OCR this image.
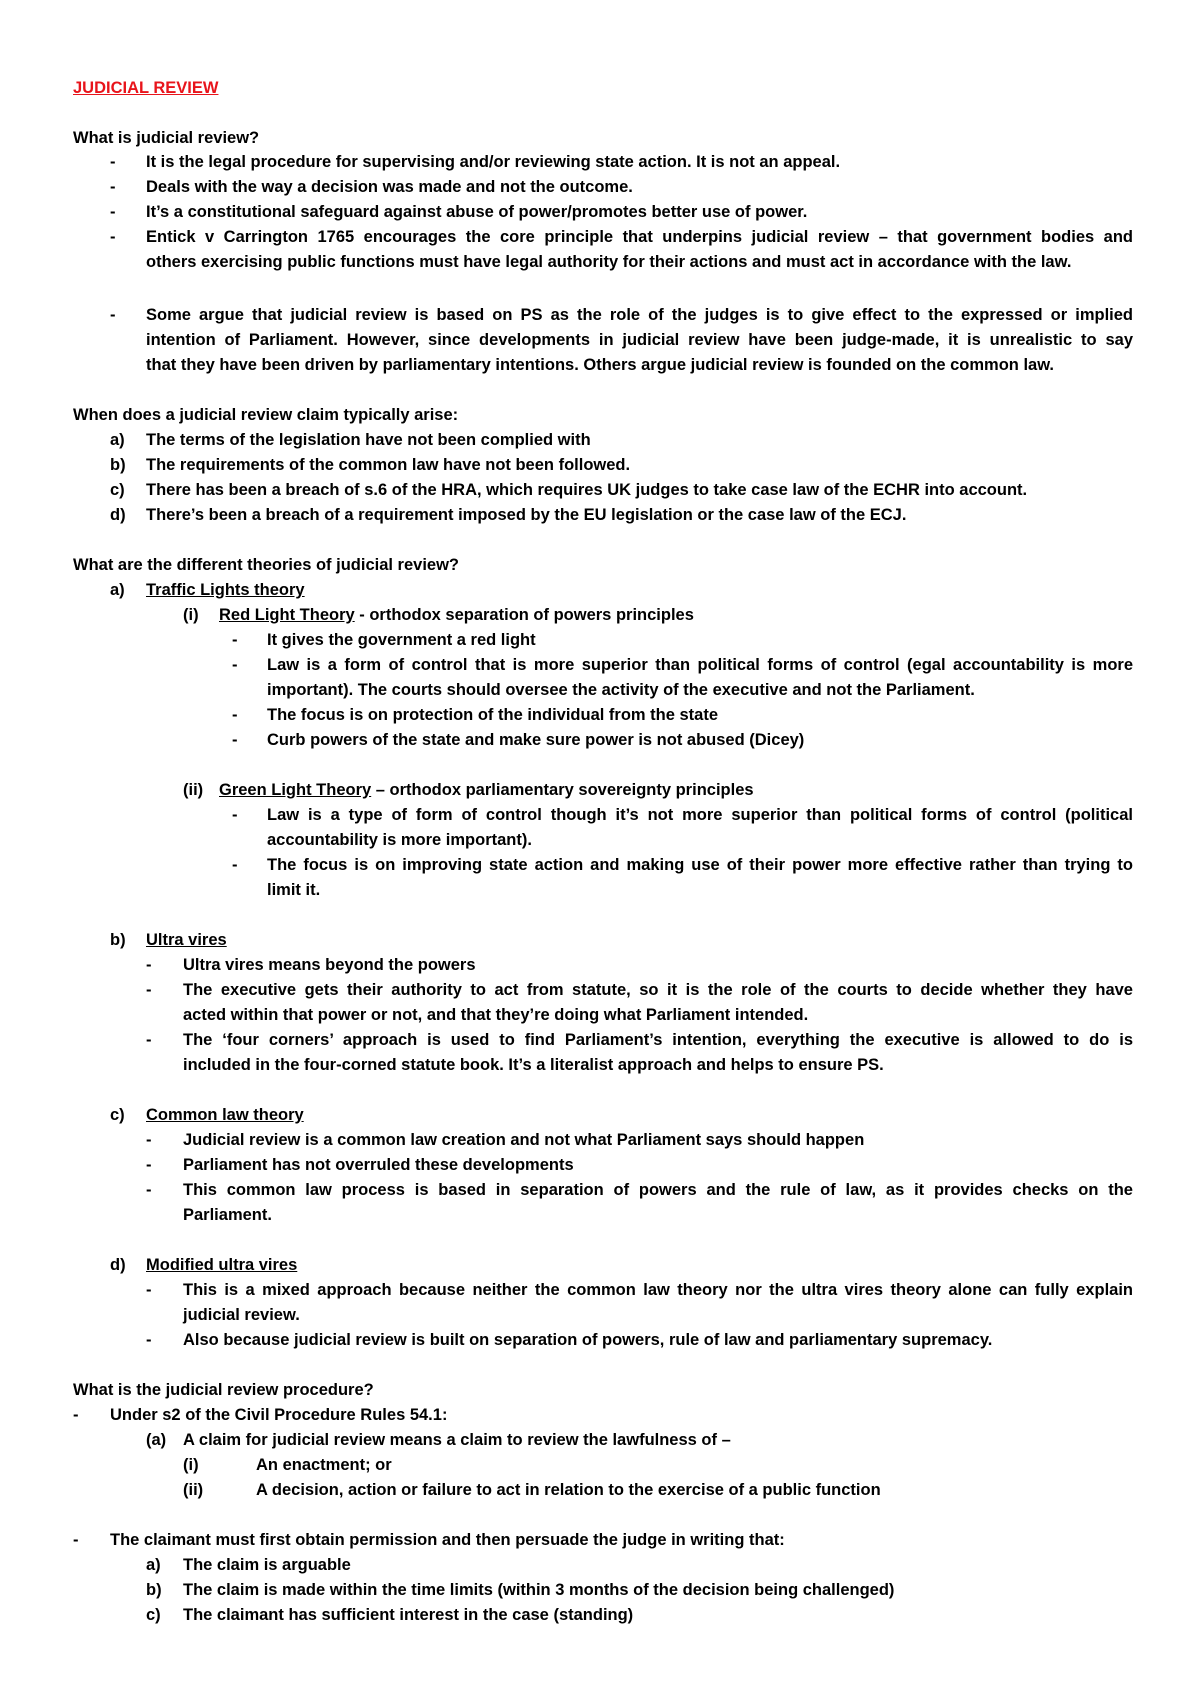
JUDICIAL REVIEW
What is judicial review?
- It is the legal procedure for supervising and/or reviewing state action. It is not an appeal.
- Deals with the way a decision was made and not the outcome.
- It’s a constitutional safeguard against abuse of power/promotes better use of power.
- Entick v Carrington 1765 encourages the core principle that underpins judicial review – that government bodies and
others exercising public functions must have legal authority for their actions and must act in accordance with the law.
- Some argue that judicial review is based on PS as the role of the judges is to give effect to the expressed or implied
intention of Parliament. However, since developments in judicial review have been judge-made, it is unrealistic to say
that they have been driven by parliamentary intentions. Others argue judicial review is founded on the common law.
When does a judicial review claim typically arise:
a) The terms of the legislation have not been complied with
b) The requirements of the common law have not been followed.
c) There has been a breach of s.6 of the HRA, which requires UK judges to take case law of the ECHR into account.
d) There’s been a breach of a requirement imposed by the EU legislation or the case law of the ECJ.
What are the different theories of judicial review?
a) Traffic Lights theory
(i) Red Light Theory - orthodox separation of powers principles
- It gives the government a red light
- Law is a form of control that is more superior than political forms of control (egal accountability is more
important). The courts should oversee the activity of the executive and not the Parliament.
- The focus is on protection of the individual from the state
- Curb powers of the state and make sure power is not abused (Dicey)
(ii) Green Light Theory – orthodox parliamentary sovereignty principles
- Law is a type of form of control though it’s not more superior than political forms of control (political
accountability is more important).
- The focus is on improving state action and making use of their power more effective rather than trying to
limit it.
b) Ultra vires
- Ultra vires means beyond the powers
- The executive gets their authority to act from statute, so it is the role of the courts to decide whether they have
acted within that power or not, and that they’re doing what Parliament intended.
- The ‘four corners’ approach is used to find Parliament’s intention, everything the executive is allowed to do is
included in the four-corned statute book. It’s a literalist approach and helps to ensure PS.
c) Common law theory
- Judicial review is a common law creation and not what Parliament says should happen
- Parliament has not overruled these developments
- This common law process is based in separation of powers and the rule of law, as it provides checks on the
Parliament.
d) Modified ultra vires
- This is a mixed approach because neither the common law theory nor the ultra vires theory alone can fully explain
judicial review.
- Also because judicial review is built on separation of powers, rule of law and parliamentary supremacy.
What is the judicial review procedure?
- Under s2 of the Civil Procedure Rules 54.1:
(a) A claim for judicial review means a claim to review the lawfulness of –
(i)	An enactment; or
(ii)	A decision, action or failure to act in relation to the exercise of a public function
- The claimant must first obtain permission and then persuade the judge in writing that:
a) The claim is arguable
b) The claim is made within the time limits (within 3 months of the decision being challenged)
c) The claimant has sufficient interest in the case (standing)
